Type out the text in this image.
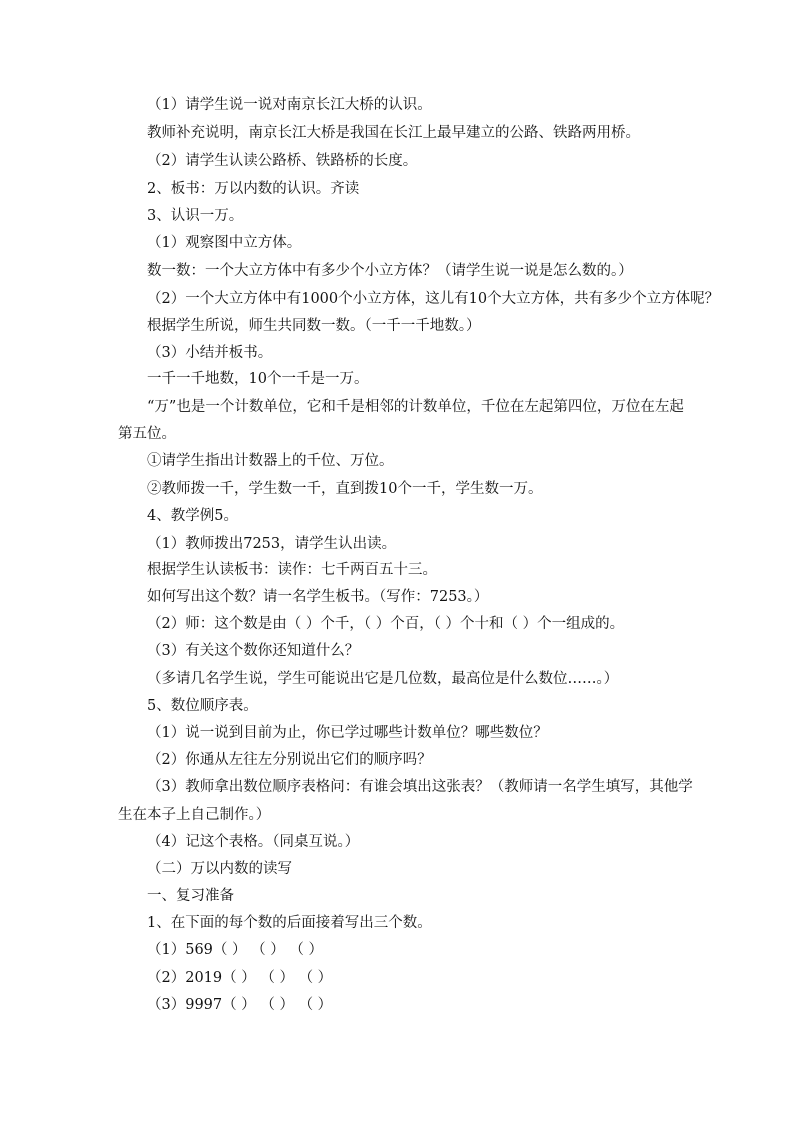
（1）请学生说一说对南京长江大桥的认识。
教师补充说明，南京长江大桥是我国在长江上最早建立的公路、铁路两用桥。
（2）请学生认读公路桥、铁路桥的长度。
2、板书：万以内数的认识。齐读
3、认识一万。
（1）观察图中立方体。
数一数：一个大立方体中有多少个小立方体？（请学生说一说是怎么数的。）
（2）一个大立方体中有1000个小立方体，这儿有10个大立方体，共有多少个立方体呢？
根据学生所说，师生共同数一数。（一千一千地数。）
（3）小结并板书。
一千一千地数，10个一千是一万。
“万”也是一个计数单位，它和千是相邻的计数单位，千位在左起第四位，万位在左起
第五位。
①请学生指出计数器上的千位、万位。
②教师拨一千，学生数一千，直到拨10个一千，学生数一万。
4、教学例5。
（1）教师拨出7253，请学生认出读。
根据学生认读板书：读作：七千两百五十三。
如何写出这个数？请一名学生板书。（写作：7253。）
（2）师：这个数是由（ ）个千，（ ）个百，（ ）个十和（ ）个一组成的。
（3）有关这个数你还知道什么？
（多请几名学生说，学生可能说出它是几位数，最高位是什么数位……。）
5、数位顺序表。
（1）说一说到目前为止，你已学过哪些计数单位？哪些数位？
（2）你通从左往左分别说出它们的顺序吗？
（3）教师拿出数位顺序表格问：有谁会填出这张表？（教师请一名学生填写，其他学
生在本子上自己制作。）
（4）记这个表格。（同桌互说。）
（二）万以内数的读写
一、复习准备
1、在下面的每个数的后面接着写出三个数。
（1）569（ ） （ ） （ ）
（2）2019（ ） （ ） （ ）
（3）9997（ ） （ ） （ ）
